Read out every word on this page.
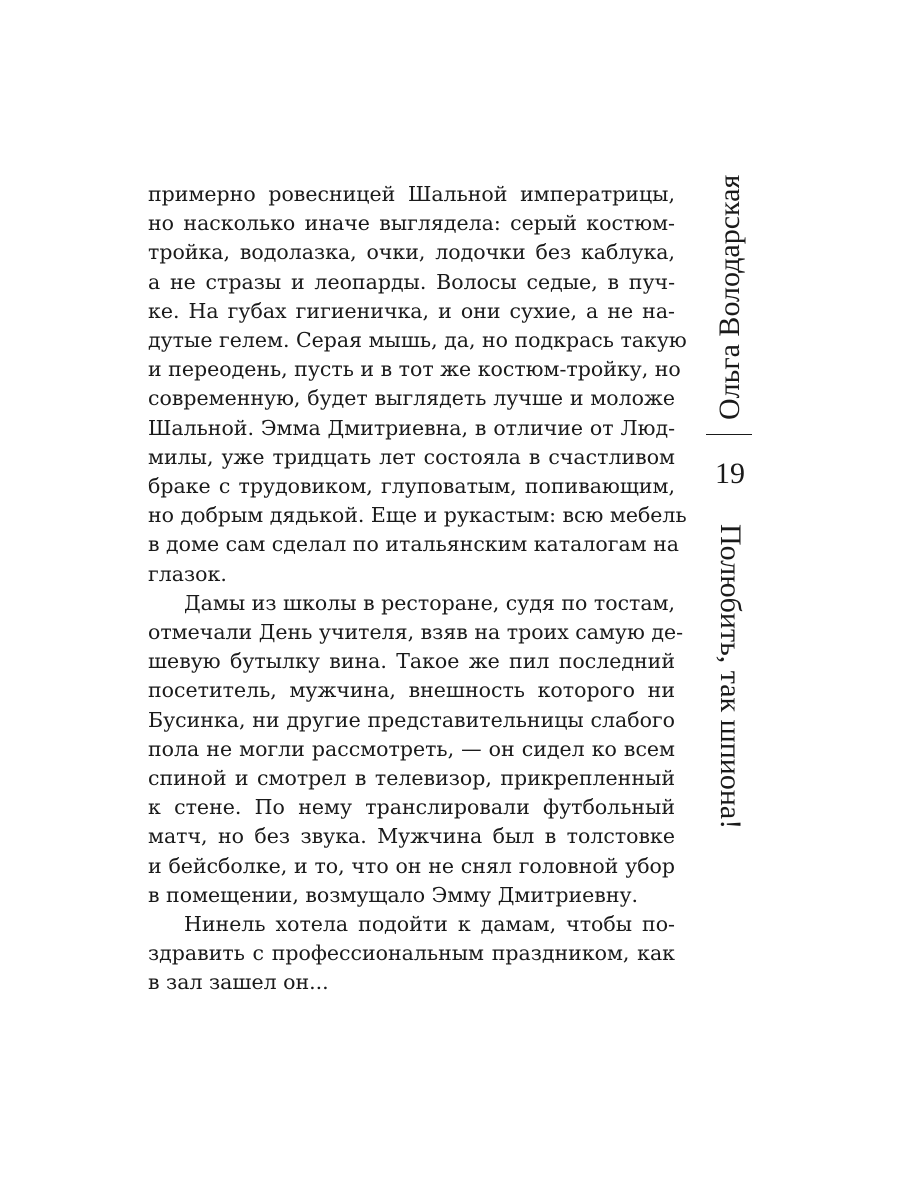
примерно ровесницей Шальной императрицы,
но насколько иначе выглядела: серый костюм-
тройка, водолазка, очки, лодочки без каблука,
а не стразы и леопарды. Волосы седые, в пуч-
ке. На губах гигиеничка, и они сухие, а не на-
дутые гелем. Серая мышь, да, но подкрась такую
и переодень, пусть и в тот же костюм-тройку, но
современную, будет выглядеть лучше и моложе
Шальной. Эмма Дмитриевна, в отличие от Люд-
милы, уже тридцать лет состояла в счастливом
браке с трудовиком, глуповатым, попивающим,
но добрым дядькой. Еще и рукастым: всю мебель
в доме сам сделал по итальянским каталогам на
глазок.
Дамы из школы в ресторане, судя по тостам,
отмечали День учителя, взяв на троих самую де-
шевую бутылку вина. Такое же пил последний
посетитель, мужчина, внешность которого ни
Бусинка, ни другие представительницы слабого
пола не могли рассмотреть, — он сидел ко всем
спиной и смотрел в телевизор, прикрепленный
к стене. По нему транслировали футбольный
матч, но без звука. Мужчина был в толстовке
и бейсболке, и то, что он не снял головной убор
в помещении, возмущало Эмму Дмитриевну.
Нинель хотела подойти к дамам, чтобы по-
здравить с профессиональным праздником, как
в зал зашел он...
Ольга Володарская
19
Полюбить, так шпиона!
